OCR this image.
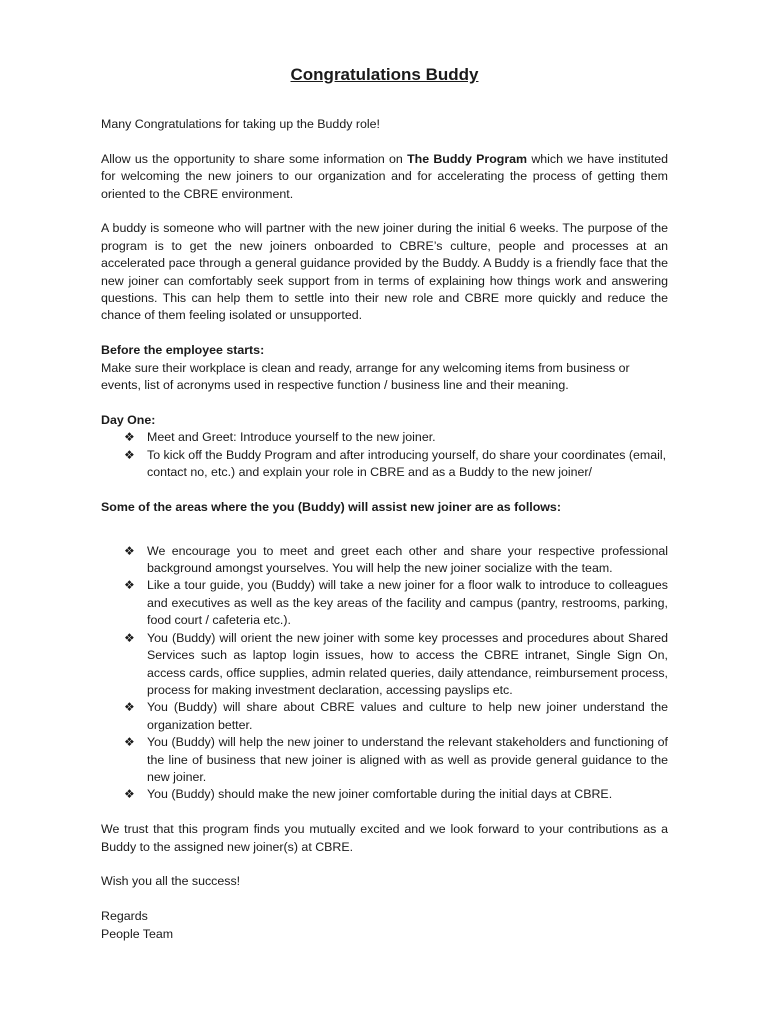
Congratulations Buddy

Many Congratulations for taking up the Buddy role!

Allow us the opportunity to share some information on The Buddy Program which we have instituted for welcoming the new joiners to our organization and for accelerating the process of getting them oriented to the CBRE environment.

A buddy is someone who will partner with the new joiner during the initial 6 weeks. The purpose of the program is to get the new joiners onboarded to CBRE’s culture, people and processes at an accelerated pace through a general guidance provided by the Buddy. A Buddy is a friendly face that the new joiner can comfortably seek support from in terms of explaining how things work and answering questions. This can help them to settle into their new role and CBRE more quickly and reduce the chance of them feeling isolated or unsupported.

Before the employee starts:

Make sure their workplace is clean and ready, arrange for any welcoming items from business or events, list of acronyms used in respective function / business line and their meaning.

Day One:
❖ Meet and Greet: Introduce yourself to the new joiner.
❖ To kick off the Buddy Program and after introducing yourself, do share your coordinates (email, contact no, etc.) and explain your role in CBRE and as a Buddy to the new joiner/
Some of the areas where the you (Buddy) will assist new joiner are as follows:
❖ We encourage you to meet and greet each other and share your respective professional background amongst yourselves. You will help the new joiner socialize with the team.
❖ Like a tour guide, you (Buddy) will take a new joiner for a floor walk to introduce to colleagues and executives as well as the key areas of the facility and campus (pantry, restrooms, parking, food court / cafeteria etc.).
❖ You (Buddy) will orient the new joiner with some key processes and procedures about Shared Services such as laptop login issues, how to access the CBRE intranet, Single Sign On, access cards, office supplies, admin related queries, daily attendance, reimbursement process, process for making investment declaration, accessing payslips etc.
❖ You (Buddy) will share about CBRE values and culture to help new joiner understand the organization better.
❖ You (Buddy) will help the new joiner to understand the relevant stakeholders and functioning of the line of business that new joiner is aligned with as well as provide general guidance to the new joiner.
❖ You (Buddy) should make the new joiner comfortable during the initial days at CBRE.

We trust that this program finds you mutually excited and we look forward to your contributions as a Buddy to the assigned new joiner(s) at CBRE.

Wish you all the success!

Regards
People Team
